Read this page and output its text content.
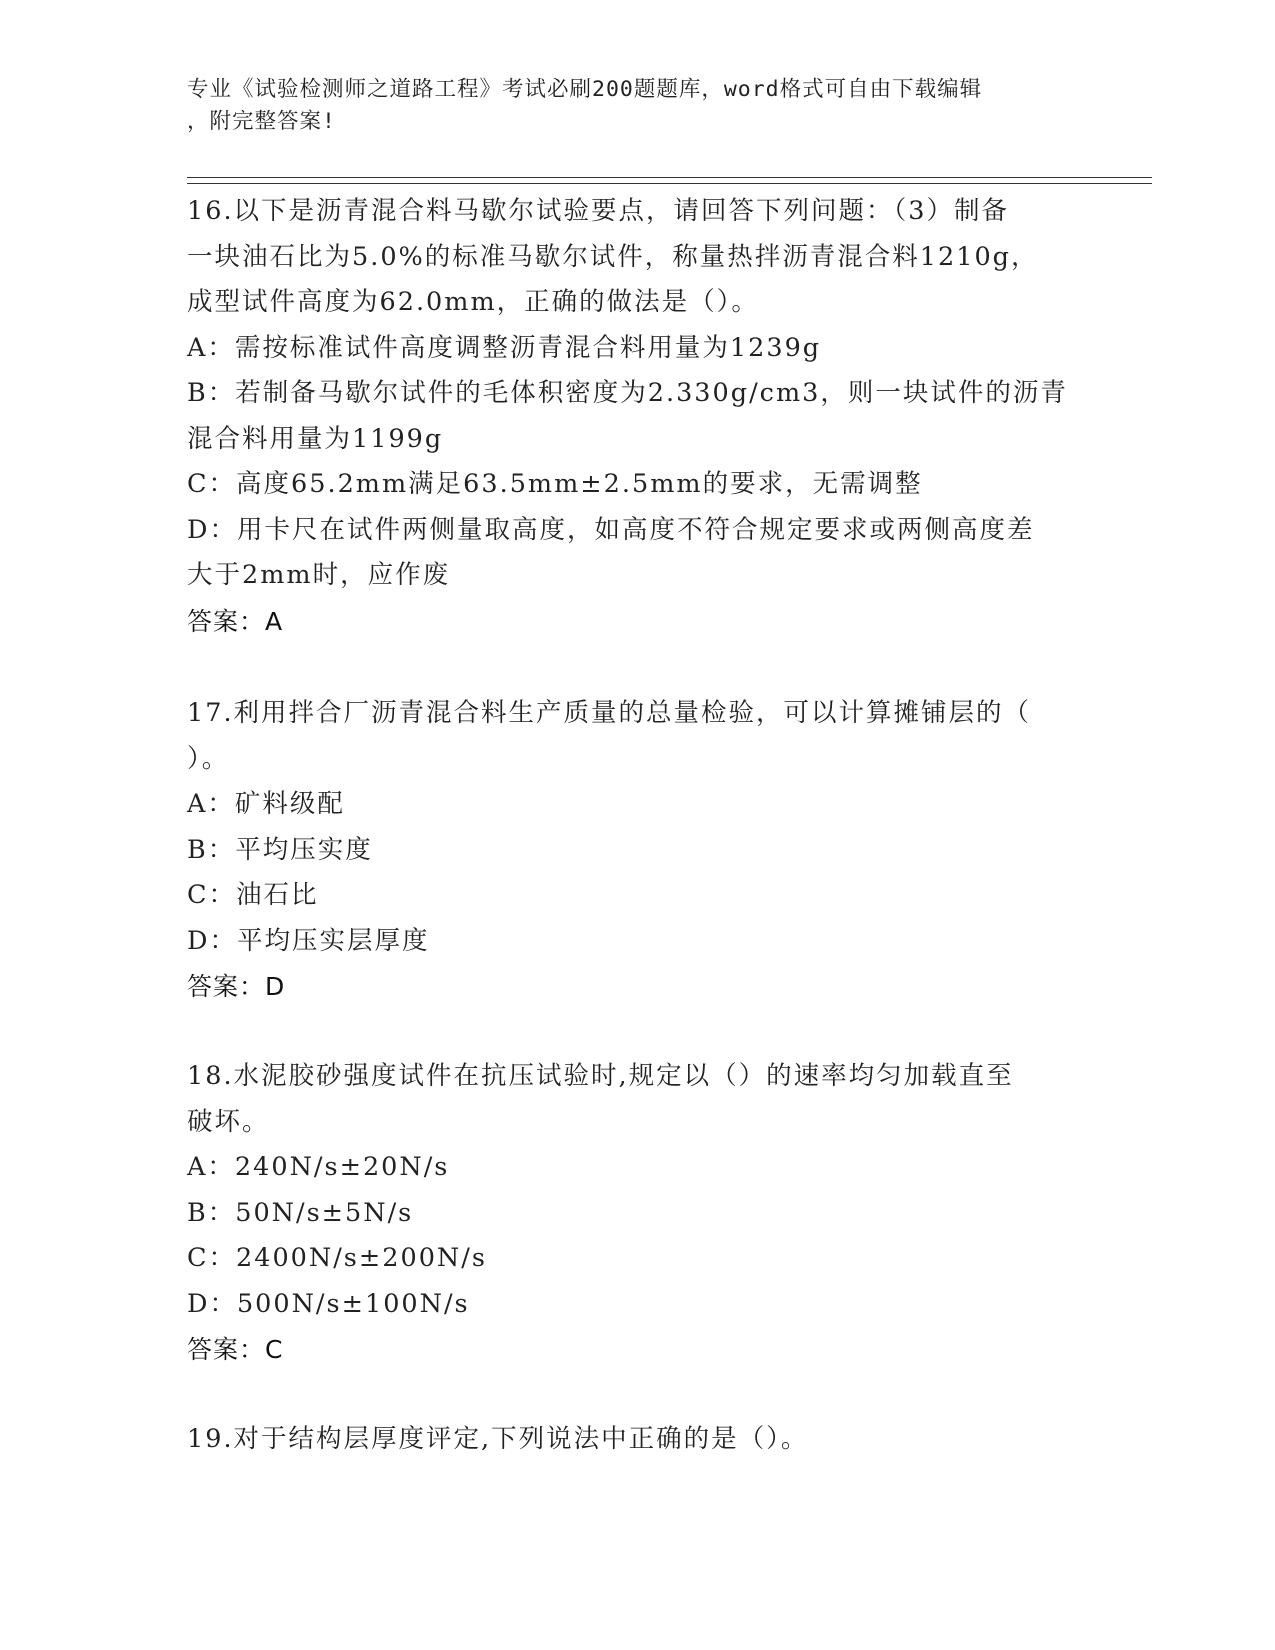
专业《试验检测师之道路工程》考试必刷200题题库，word格式可自由下载编辑
，附完整答案!

16.以下是沥青混合料马歇尔试验要点，请回答下列问题：（3）制备

一块油石比为5.0%的标准马歇尔试件，称量热拌沥青混合料1210g，

成型试件高度为62.0mm，正确的做法是（）。

A：需按标准试件高度调整沥青混合料用量为1239g

B：若制备马歇尔试件的毛体积密度为2.330g/cm3，则一块试件的沥青

混合料用量为1199g

C：高度65.2mm满足63.5mm±2.5mm的要求，无需调整

D：用卡尺在试件两侧量取高度，如高度不符合规定要求或两侧高度差

大于2mm时，应作废

答案：A

17.利用拌合厂沥青混合料生产质量的总量检验，可以计算摊铺层的（

）。

A：矿料级配

B：平均压实度

C：油石比

D：平均压实层厚度

答案：D

18.水泥胶砂强度试件在抗压试验时,规定以（）的速率均匀加载直至

破坏。

A：240N/s±20N/s

B：50N/s±5N/s

C：2400N/s±200N/s

D：500N/s±100N/s

答案：C

19.对于结构层厚度评定,下列说法中正确的是（）。
